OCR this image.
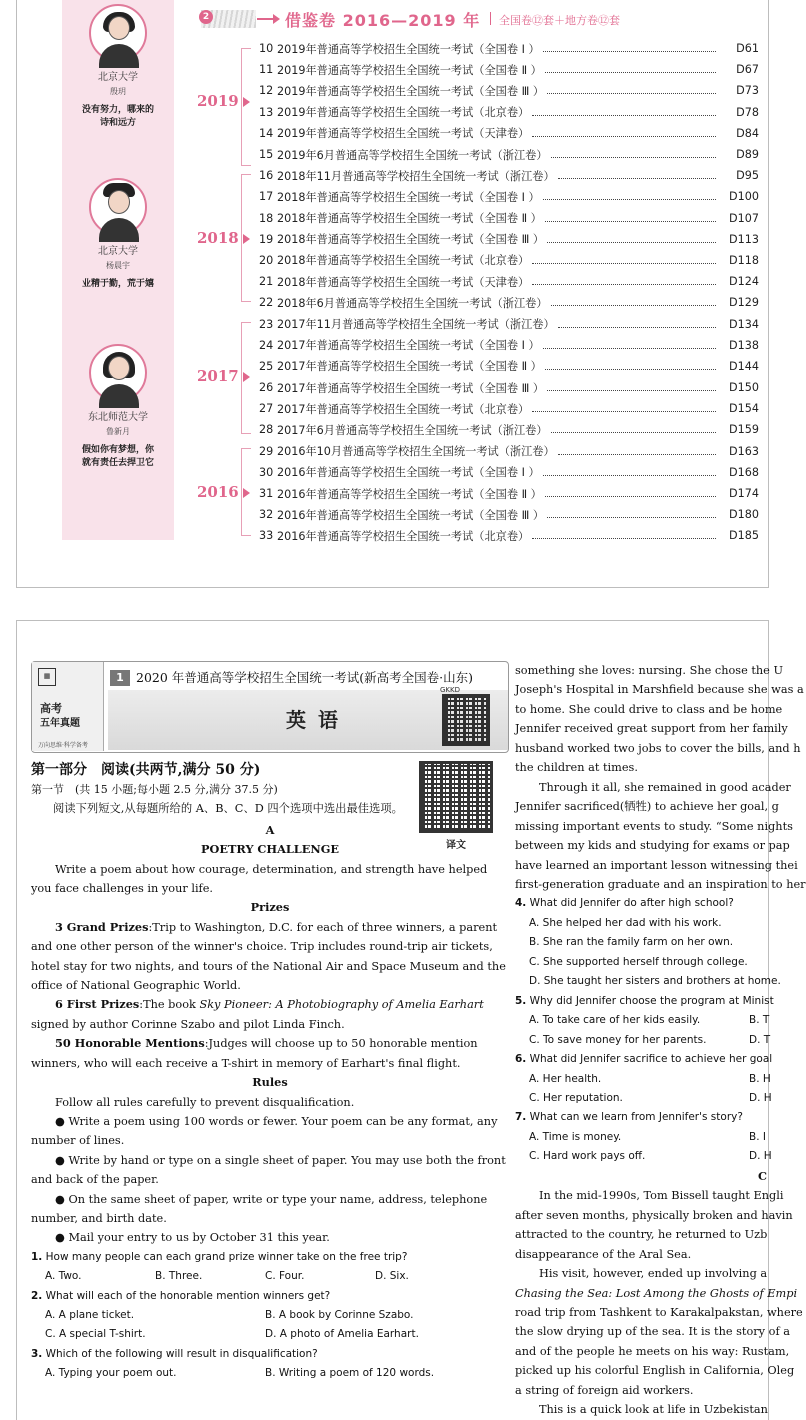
北京大学
殷玥
没有努力，哪来的
诗和远方
北京大学
杨晨宇
业精于勤，荒于嬉
东北师范大学
鲁新月
假如你有梦想，你
就有责任去捍卫它
2	借鉴卷 2016—2019 年 全国卷⑫套＋地方卷⑫套
2019
2018
2017
2016
10 2019年普通高等学校招生全国统一考试（全国卷 Ⅰ ）	D61
11 2019年普通高等学校招生全国统一考试（全国卷 Ⅱ ）	D67
12 2019年普通高等学校招生全国统一考试（全国卷 Ⅲ ）	D73
13 2019年普通高等学校招生全国统一考试（北京卷）	D78
14 2019年普通高等学校招生全国统一考试（天津卷）	D84
15 2019年6月普通高等学校招生全国统一考试（浙江卷）	D89
16 2018年11月普通高等学校招生全国统一考试（浙江卷）	D95
17 2018年普通高等学校招生全国统一考试（全国卷 Ⅰ ）	D100
18 2018年普通高等学校招生全国统一考试（全国卷 Ⅱ ）	D107
19 2018年普通高等学校招生全国统一考试（全国卷 Ⅲ ）	D113
20 2018年普通高等学校招生全国统一考试（北京卷）	D118
21 2018年普通高等学校招生全国统一考试（天津卷）	D124
22 2018年6月普通高等学校招生全国统一考试（浙江卷）	D129
23 2017年11月普通高等学校招生全国统一考试（浙江卷）	D134
24 2017年普通高等学校招生全国统一考试（全国卷 Ⅰ ）	D138
25 2017年普通高等学校招生全国统一考试（全国卷 Ⅱ ）	D144
26 2017年普通高等学校招生全国统一考试（全国卷 Ⅲ ）	D150
27 2017年普通高等学校招生全国统一考试（北京卷）	D154
28 2017年6月普通高等学校招生全国统一考试（浙江卷）	D159
29 2016年10月普通高等学校招生全国统一考试（浙江卷）	D163
30 2016年普通高等学校招生全国统一考试（全国卷 Ⅰ ）	D168
31 2016年普通高等学校招生全国统一考试（全国卷 Ⅱ ）	D174
32 2016年普通高等学校招生全国统一考试（全国卷 Ⅲ ）	D180
33 2016年普通高等学校招生全国统一考试（北京卷）	D185
▦
高考
五年真题
万向思维·科学备考
1 2020 年普通高等学校招生全国统一考试(新高考全国卷·山东)
英语
GKKD
译文
第一部分　阅读(共两节,满分 50 分)
第一节　(共 15 小题;每小题 2.5 分,满分 37.5 分)
阅读下列短文,从每题所给的 A、B、C、D 四个选项中选出最佳选项。
A
POETRY CHALLENGE
Write a poem about how courage, determination, and strength have helped you face challenges in your life.
Prizes
3 Grand Prizes:Trip to Washington, D.C. for each of three winners, a parent and one other person of the winner's choice. Trip includes round-trip air tickets, hotel stay for two nights, and tours of the National Air and Space Museum and the office of National Geographic World.
6 First Prizes:The book Sky Pioneer: A Photobiography of Amelia Earhart signed by author Corinne Szabo and pilot Linda Finch.
50 Honorable Mentions:Judges will choose up to 50 honorable mention winners, who will each receive a T-shirt in memory of Earhart's final flight.
Rules
Follow all rules carefully to prevent disqualification.
● Write a poem using 100 words or fewer. Your poem can be any format, any number of lines.
● Write by hand or type on a single sheet of paper. You may use both the front and back of the paper.
● On the same sheet of paper, write or type your name, address, telephone number, and birth date.
● Mail your entry to us by October 31 this year.
1. How many people can each grand prize winner take on the free trip?
A. Two.	B. Three.	C. Four.	D. Six.
2. What will each of the honorable mention winners get?
A. A plane ticket.	B. A book by Corinne Szabo.
C. A special T-shirt.	D. A photo of Amelia Earhart.
3. Which of the following will result in disqualification?
A. Typing your poem out.	B. Writing a poem of 120 words.
something she loves: nursing. She chose the U
Joseph's Hospital in Marshfield because she was a
to home. She could drive to class and be home
Jennifer received great support from her family
husband worked two jobs to cover the bills, and h
the children at times.
Through it all, she remained in good acader
Jennifer sacrificed(牺牲) to achieve her goal, g
missing important events to study. “Some nights
between my kids and studying for exams or pap
have learned an important lesson witnessing thei
first-generation graduate and an inspiration to her
4. What did Jennifer do after high school?
A. She helped her dad with his work.
B. She ran the family farm on her own.
C. She supported herself through college.
D. She taught her sisters and brothers at home.
5. Why did Jennifer choose the program at Minist
A. To take care of her kids easily.	B. T
C. To save money for her parents.	D. T
6. What did Jennifer sacrifice to achieve her goal
A. Her health.	B. H
C. Her reputation.	D. H
7. What can we learn from Jennifer's story?
A. Time is money.	B. I
C. Hard work pays off.	D. H
C
In the mid-1990s, Tom Bissell taught Engli
after seven months, physically broken and havin
attracted to the country, he returned to Uzb
disappearance of the Aral Sea.
His visit, however, ended up involving a
Chasing the Sea: Lost Among the Ghosts of Empi
road trip from Tashkent to Karakalpakstan, where
the slow drying up of the sea. It is the story of a
and of the people he meets on his way: Rustam,
picked up his colorful English in California, Oleg
a string of foreign aid workers.
This is a quick look at life in Uzbekistan
